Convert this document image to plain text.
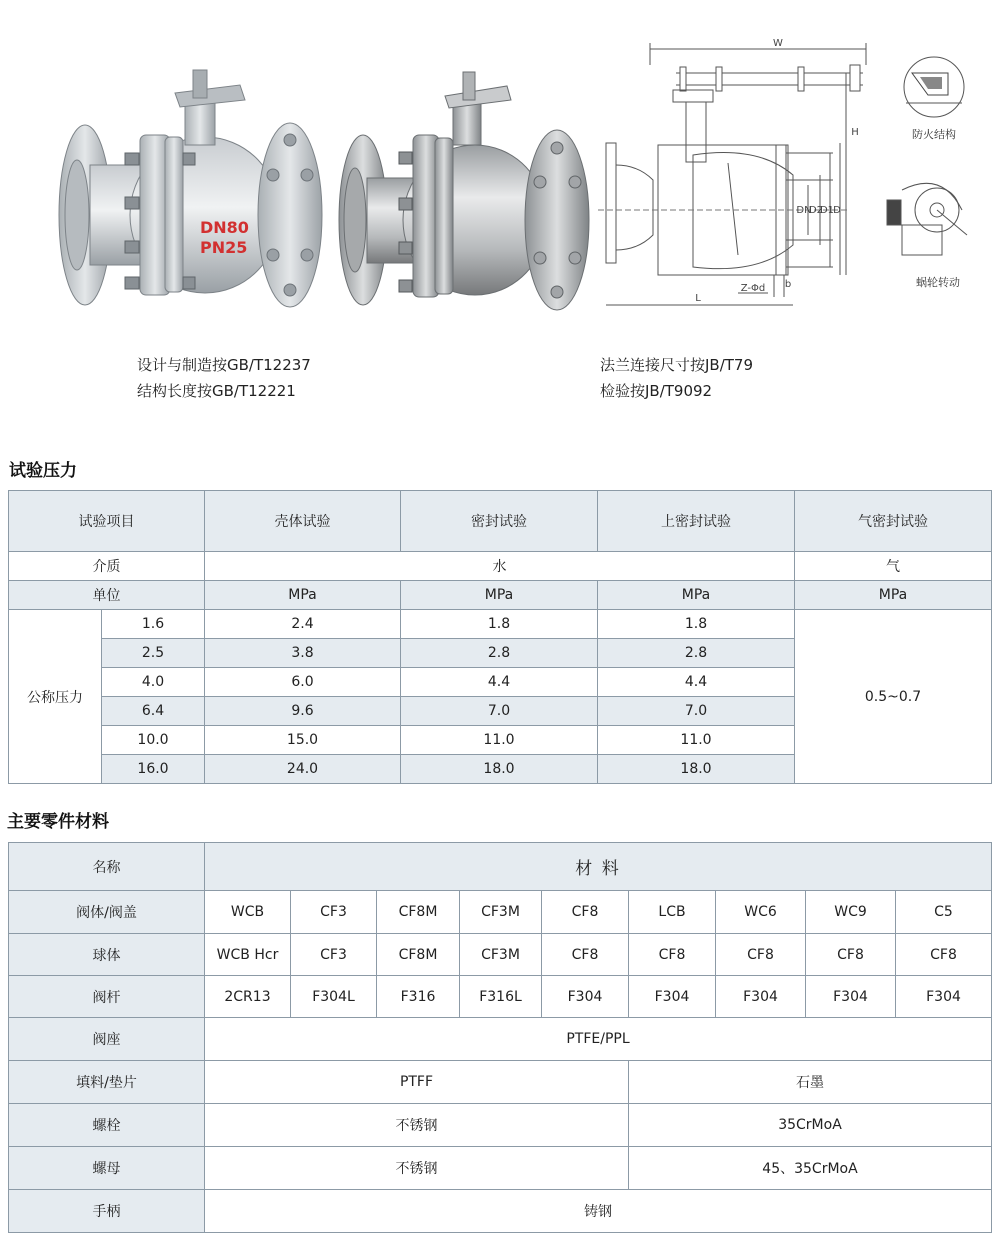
DN80
PN25
W
H
DN
D2
D1 D
L
Z-Φd b
防火结构
蜗轮转动
设计与制造按GB/T12237
结构长度按GB/T12221
法兰连接尺寸按JB/T79
检验按JB/T9092
试验压力
试验项目		壳体试验	密封试验	上密封试验	气密封试验
介质		水			气
单位		MPa	MPa	MPa	MPa
公称压力	1.6	2.4	1.8	1.8	0.5~0.7
	2.5	3.8	2.8	2.8	
	4.0	6.0	4.4	4.4	
	6.4	9.6	7.0	7.0	
	10.0	15.0	11.0	11.0	
	16.0	24.0	18.0	18.0	
主要零件材料
名称	材 料								
阀体/阀盖	WCB	CF3	CF8M	CF3M	CF8	LCB	WC6	WC9	C5
球体	WCB Hcr	CF3	CF8M	CF3M	CF8	CF8	CF8	CF8	CF8
阀杆	2CR13	F304L	F316	F316L	F304	F304	F304	F304	F304
阀座	PTFE/PPL								
填料/垫片	PTFF					石墨			
螺栓	不锈钢					35CrMoA			
螺母	不锈钢					45、35CrMoA			
手柄	铸钢								
